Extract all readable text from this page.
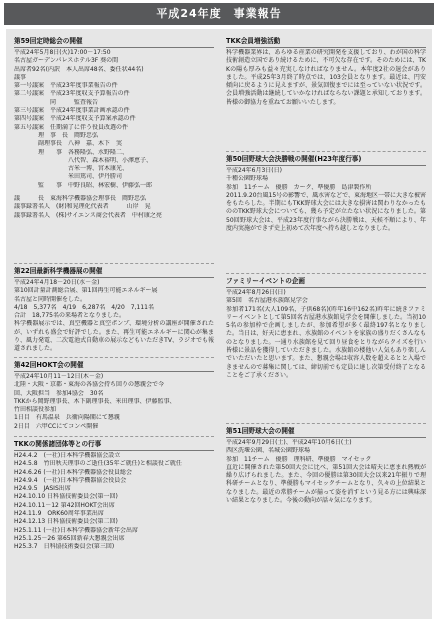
平成24年度　事業報告
第59回定時総会の開催
平成24年5月8日(火)17:00－17:50
名古屋ガーデンパレスホテル3F 葵の間
出席者92名(内訳　本人出席48名、委任状44名)
議事
第一号議案　平成23年度事業報告の件
第二号議案　平成23年度収支予算報告の件
　　　　　　同　　　監査報告
第三号議案　平成24年度事業計画承認の件
第四号議案　平成24年度収支予算案承認の件
第五号議案　任期満了に伴う役員改選の件
　　　　理　事　長　岡野忠弘
　　　　副理事長　八神　嘉、木下　実
　　　　理　　事　各務隆弘、水野隆二、
　　　　　　　　　八代智、森木裕明、小澤恵子、
　　　　　　　　　古米一博、宮木康光、
　　　　　　　　　米田篤司、伊丹勝司
　　　　監　　事　中野良昭、林宏樹、伊藤弘一郎
議　　　長　東海科学機器協会理事長　岡野忠弘
議事録署名人　(財)和晃理化代表者　　　山岸　晃
議事録署名人　(株)サイエンス商会代表者　中村康之亮
第22回最新科学機器展の開催
平成24年4月18－20日(水－金)
第10回計量計測総合展、第1回再生可能エネルギー展
名古屋と同時開催をした。
4/18　5,377名　4/19　6,287名　4/20　7,111名
合計　18,775名の来場者となりました。
科学機器展示では、真空機器と真空ポンプ、環境分析の講座が開催されたが、いずれも盛会で好評でした。また、再生可能エネルギーに関心が集まり、風力発電、二次電池式自動車の展示などもいただきTV、ラジオでも報道されました。
第42回HOKT会の開催
平成24年10月11－12日(木－金)
北陸・大阪・京都・東海の各協会持ち回りの懇親会で今
回、大阪担当　参加4協会　30名
TKKから岡野理事長、木下副理事長、米田理事、伊藤監事、
竹田相談役参加
1日目　有馬温泉　兵衛向陽閣にて懇親
2日目　六甲CCにてコンペ開催
TKKの関係諸団体等との行事
H24.4.2　(一社)日本科学機器協会設立
H24.5.8　竹田秋夫理事のご逝任(35年ご就任)と相談役ご就任
H24.6.26 (一社)日本科学機器協会役員総会
H24.9.4　(一社)日本科学機器協会役員会
H24.9.5　JASIS出席
H24.10.10 日科協技術委員会(第一回)
H24.10.11－12 第42回HOKT会出席
H24.11.9　ORK60周年事業出席
H24.12.13 日科協技術委員会(第二回)
H25.1.11 (一社)日本科学機器協会新年会出席
H25.1.25－26 第65回新春大懇親会出席
H25.3.7　日科協技術委員会(第三回)
TKK会員増強活動
科学機器業界は、あらゆる産業の研究開発を支援しており、わが国の科学技術創造立国であり続けるために、不可欠な存在です。そのためには、TKKの陽も厚みも益々充実しなければなりません。本年度2社の退会がありました。平成25年3月終了時点では、103会員となります。最近は、円安傾向に戻るように見えますが、景気回復までには至っていない状況です。会員増強活動は継続していかなければならない課題と承知しております。皆様の御協力を重ねてお願いいたします。
第50回野球大会決勝戦の開催(H23年度行事)
平成24年6月3日(日)
千種公園野球場
参加　11チーム　優勝　カーク、準優勝　島津製作所
2011.9.20台風15号の影響で、風水害などで、東海地区一帯に大きな被害をもたらした。半期にもTKK野球大会には大きな損害は関わりなかったもののTKK野球大会についても、幾ら予定が立たない状況になりました。第50回野球大会は、平成23年度行事ながら決勝戦は、天候不順により、年度内実施ができず史上初めて次年度へ持ち越しとなりました。
ファミリーイベントの企画
平成24年8月26日(日)
第5回　名古屋港水族館見学会
参加者171名(大人109名、子供68名)(昨年16中162名)昨年に続きファミリーイベントとして第5回名古屋港水族館見学会を開催しました。当初105名の参加枠で企画しましたが、参加希望が多く最終197名となりました。当日は、好天に恵まれ、水族館のイベントを家族の盛りだくさんなものとなりました。一通り水族館を見て回り昼食をとりながらクイズを行い皆様に景品を獲得していただきました。水族館の楼他い人気もあり楽しんでいただいたと思います。また、懇親会場は収容人数を超えるとと入場できませんので募集に関しては、締切前でも定員に達し次第受付終了となることをご了承ください。
第51回野球大会の開催
平成24年9月29日(土)、平成24年10月6日(土)
西区洗堰公園、名城公園野球場
参加　11チーム　優勝　理科研、準優勝　マイセック
直近に開催された第50回大会に比べ、第51回大会は晴天に恵まれ熱戦が繰り広げられました。また、今回の優勝は第30回大会以来21年振りで理科研チームとなり、準優勝もマイセックチームとなり、久々の上位結果となりました。最近の常勝チームが揃って姿を消すという見る方には興味深い結果となりました。今後の動向が話々気になります。
